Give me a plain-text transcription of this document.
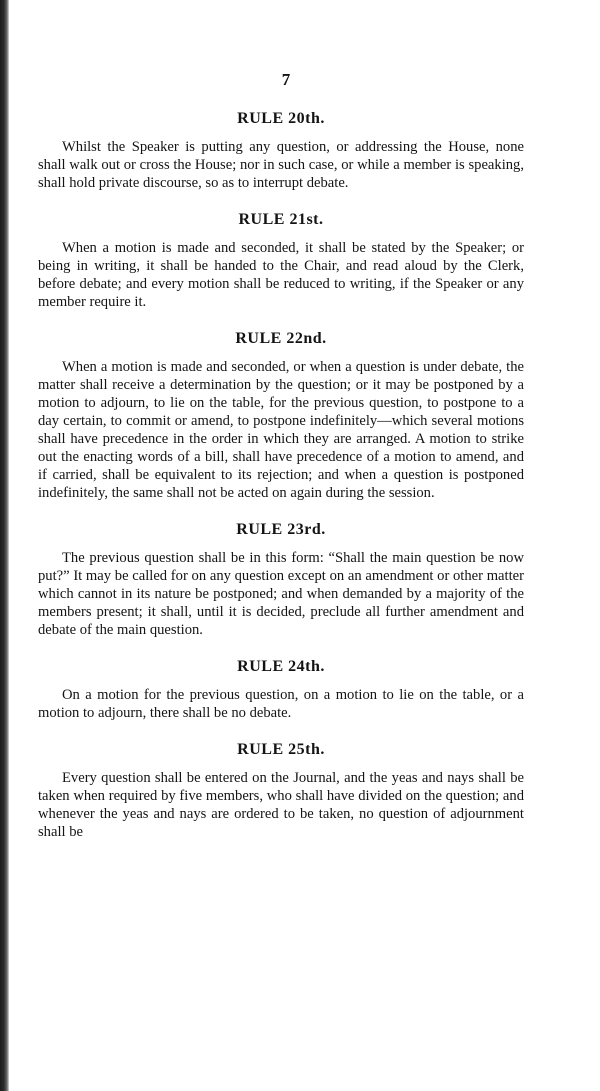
7
RULE 20th.

Whilst the Speaker is putting any question, or addressing the House, none shall walk out or cross the House; nor in such case, or while a member is speaking, shall hold private discourse, so as to interrupt debate.

RULE 21st.

When a motion is made and seconded, it shall be stated by the Speaker; or being in writing, it shall be handed to the Chair, and read aloud by the Clerk, before debate; and every motion shall be reduced to writing, if the Speaker or any member require it.

RULE 22nd.

When a motion is made and seconded, or when a question is under debate, the matter shall receive a determination by the question; or it may be postponed by a motion to adjourn, to lie on the table, for the previous question, to postpone to a day certain, to commit or amend, to postpone indefinitely—which several motions shall have precedence in the order in which they are arranged. A motion to strike out the enacting words of a bill, shall have precedence of a motion to amend, and if carried, shall be equivalent to its rejection; and when a question is postponed indefinitely, the same shall not be acted on again during the session.

RULE 23rd.

The previous question shall be in this form: “Shall the main question be now put?” It may be called for on any question except on an amendment or other matter which cannot in its nature be postponed; and when demanded by a majority of the members present; it shall, until it is decided, preclude all further amendment and debate of the main question.

RULE 24th.

On a motion for the previous question, on a motion to lie on the table, or a motion to adjourn, there shall be no debate.

RULE 25th.

Every question shall be entered on the Journal, and the yeas and nays shall be taken when required by five members, who shall have divided on the question; and whenever the yeas and nays are ordered to be taken, no question of adjournment shall be
